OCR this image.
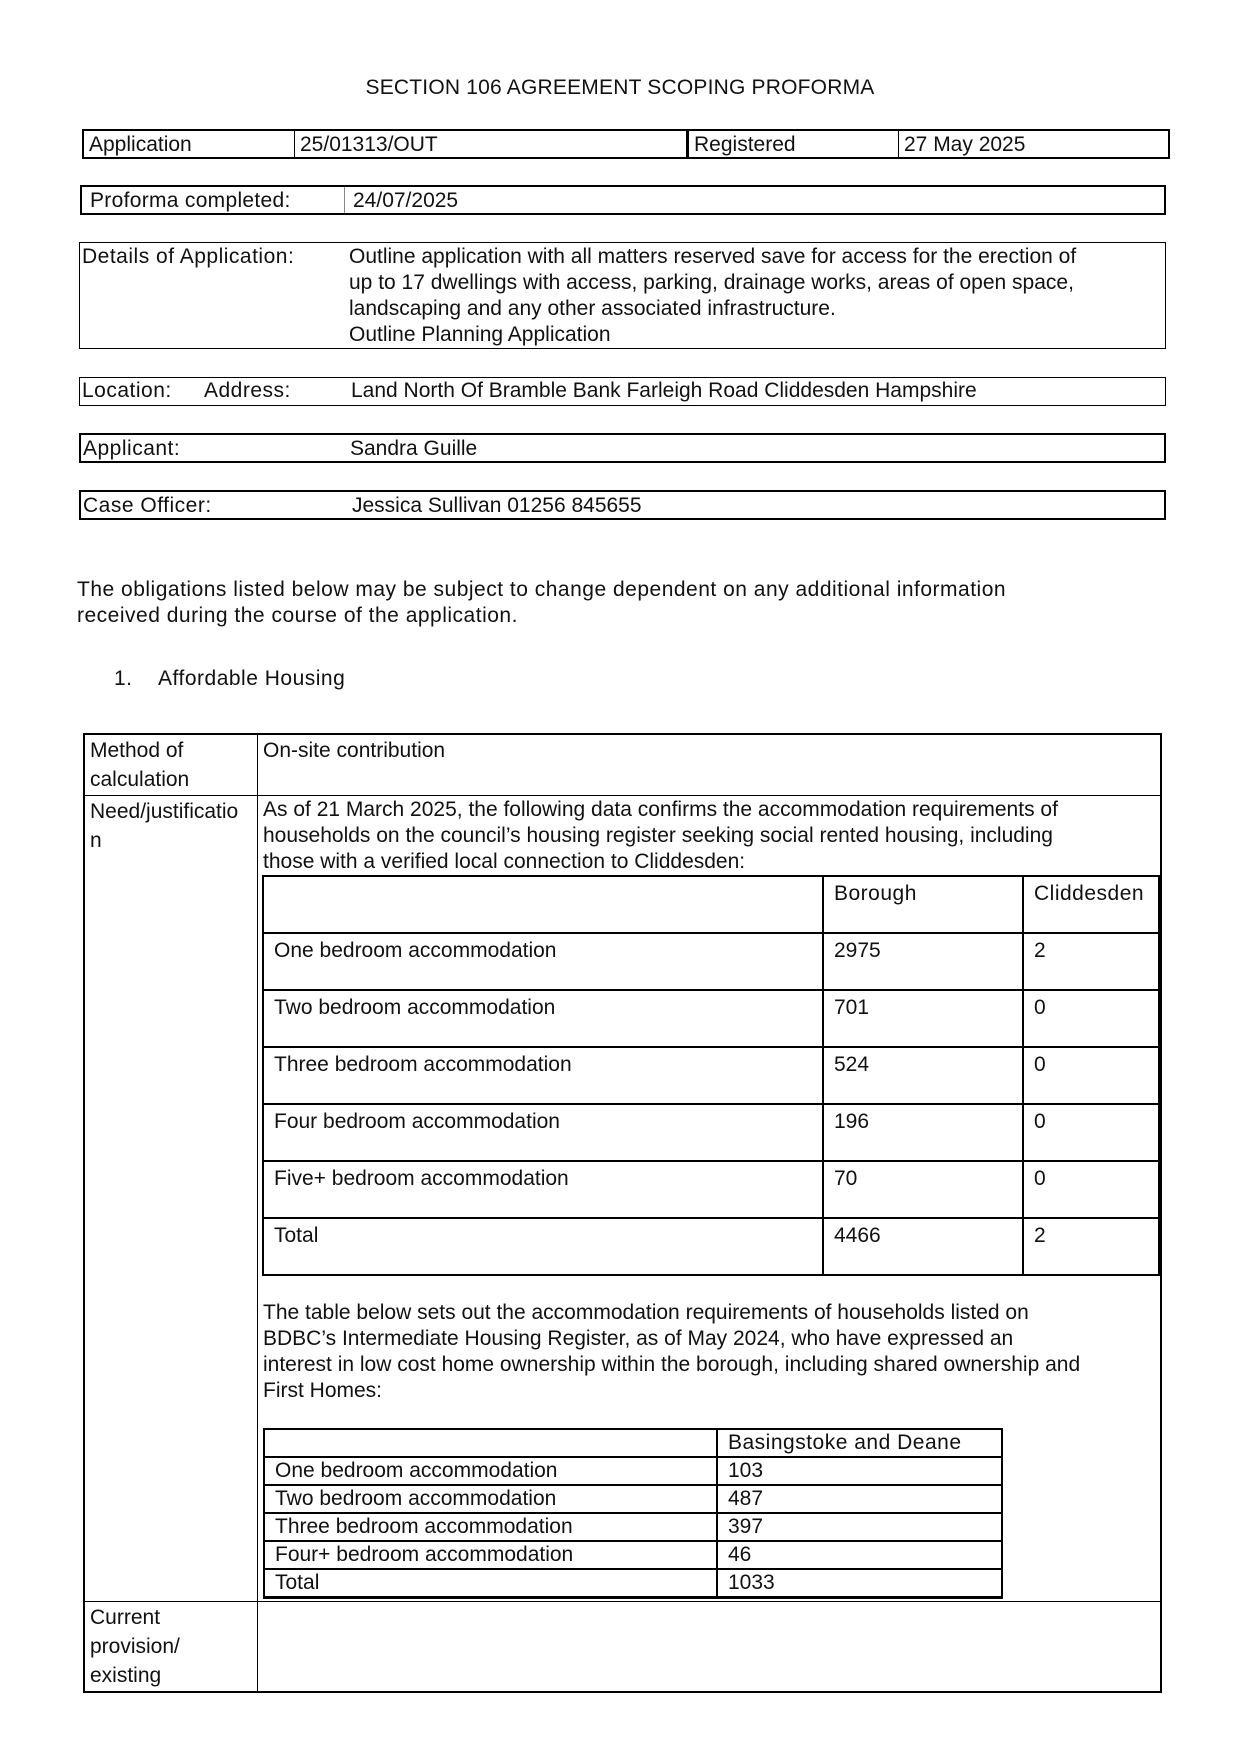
SECTION 106 AGREEMENT SCOPING PROFORMA
Application	25/01313/OUT	Registered	27 May 2025
Proforma completed:	24/07/2025
Details of Application:	Outline application with all matters reserved save for access for the erection of
up to 17 dwellings with access, parking, drainage works, areas of open space,
landscaping and any other associated infrastructure.
Outline Planning Application
Location: Address:	Land North Of Bramble Bank Farleigh Road Cliddesden Hampshire
Applicant:	Sandra Guille
Case Officer:	Jessica Sullivan 01256 845655
The obligations listed below may be subject to change dependent on any additional information
received during the course of the application.
1. Affordable Housing
Method of
calculation
	On-site contribution

Need/justificatio
n

As of 21 March 2025, the following data confirms the accommodation requirements of
households on the council’s housing register seeking social rented housing, including
those with a verified local connection to Cliddesden:
	Borough	Cliddesden
One bedroom accommodation	2975	2
Two bedroom accommodation	701	0
Three bedroom accommodation	524	0
Four bedroom accommodation	196	0
Five+ bedroom accommodation	70	0
Total	4466	2
The table below sets out the accommodation requirements of households listed on
BDBC’s Intermediate Housing Register, as of May 2024, who have expressed an
interest in low cost home ownership within the borough, including shared ownership and
First Homes:
	Basingstoke and Deane
One bedroom accommodation	103
Two bedroom accommodation	487
Three bedroom accommodation	397
Four+ bedroom accommodation	46
Total	1033

Current
provision/
existing
